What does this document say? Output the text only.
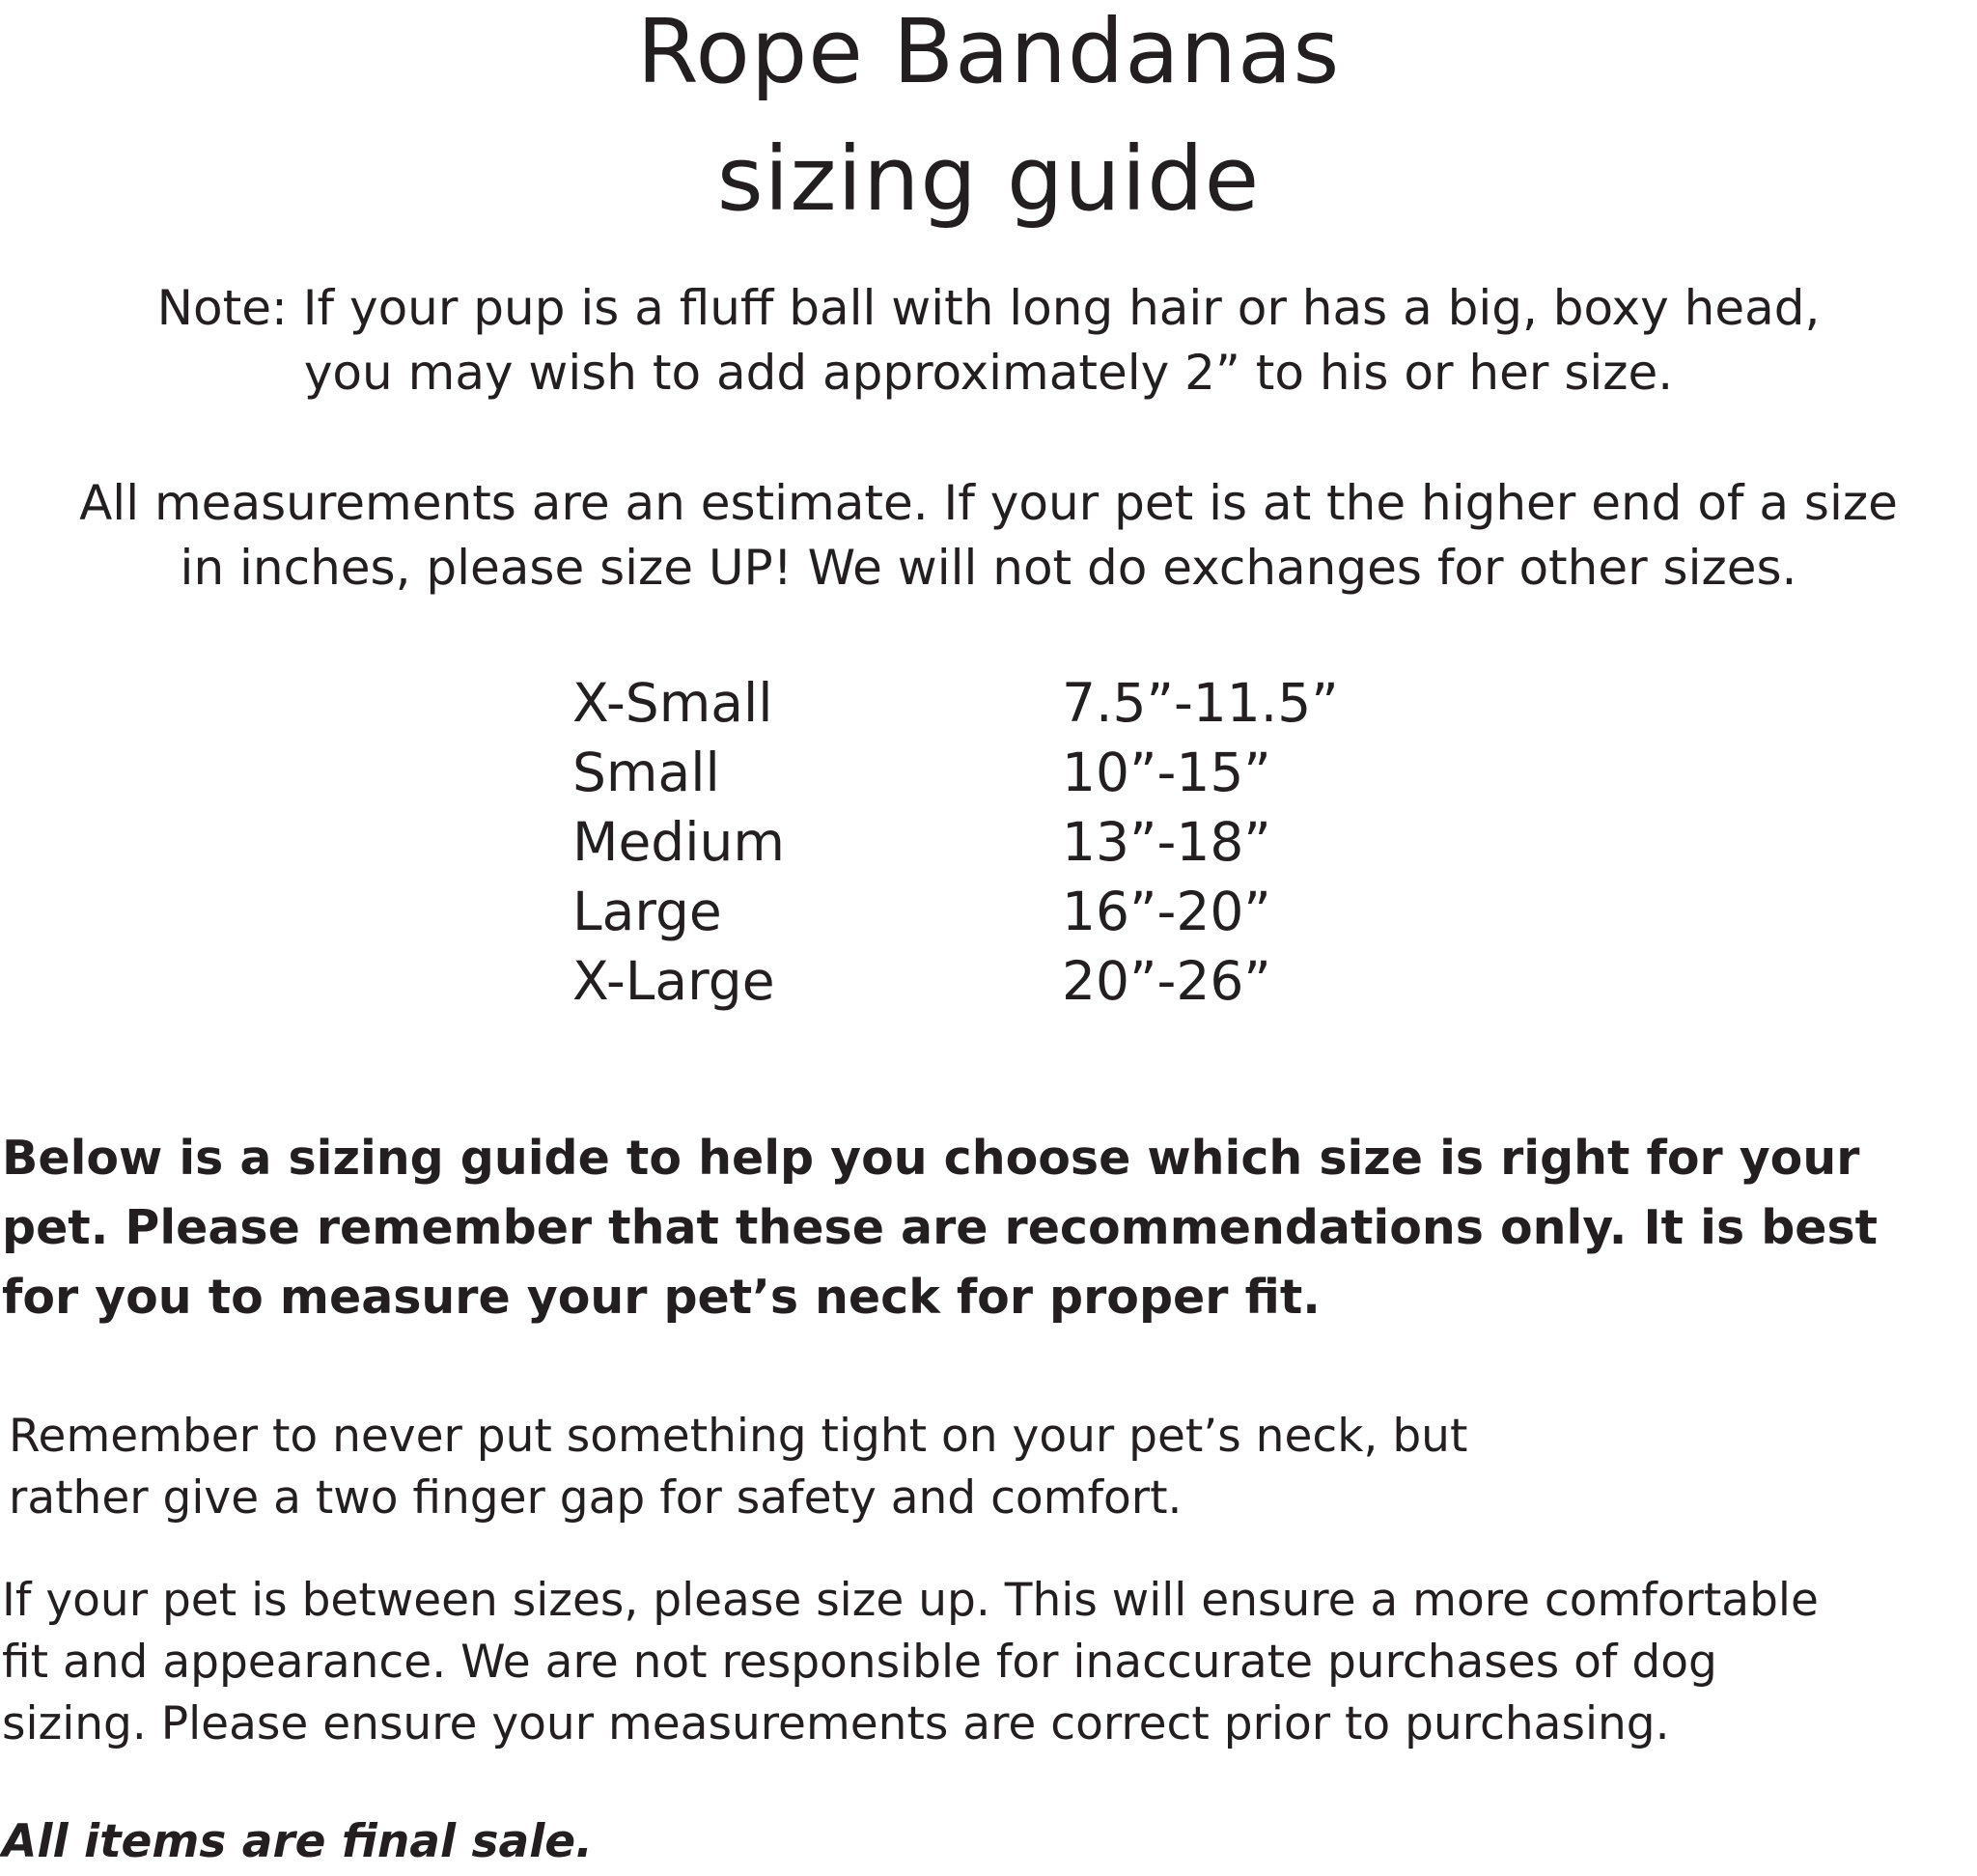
Rope Bandanas
sizing guide

Note: If your pup is a fluff ball with long hair or has a big, boxy head,
you may wish to add approximately 2” to his or her size.

All measurements are an estimate. If your pet is at the higher end of a size
in inches, please size UP! We will not do exchanges for other sizes.

X-Small	7.5”-11.5”
Small	10”-15”
Medium	13”-18”
Large	16”-20”
X-Large	20”-26”

Below is a sizing guide to help you choose which size is right for your
pet. Please remember that these are recommendations only. It is best
for you to measure your pet’s neck for proper fit.

Remember to never put something tight on your pet’s neck, but
rather give a two finger gap for safety and comfort.

If your pet is between sizes, please size up. This will ensure a more comfortable
fit and appearance. We are not responsible for inaccurate purchases of dog
sizing. Please ensure your measurements are correct prior to purchasing.

All items are final sale.
